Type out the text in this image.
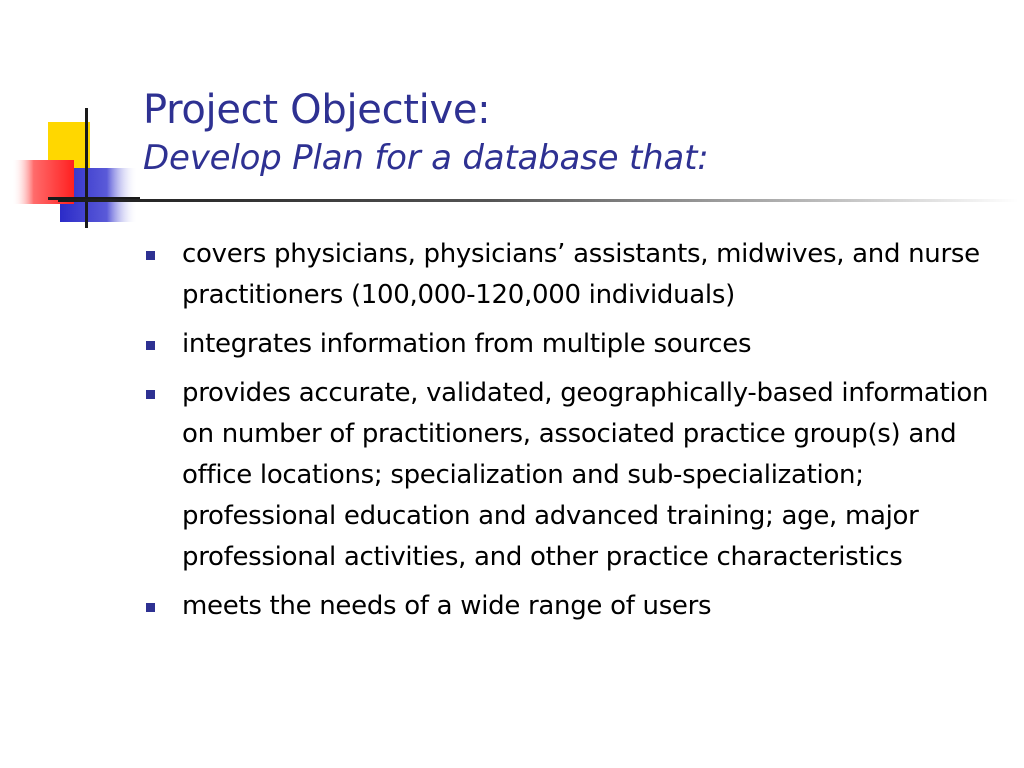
Project Objective:
Develop Plan for a database that:
covers physicians, physicians’ assistants, midwives, and nurse practitioners (100,000-120,000 individuals)
integrates information from multiple sources
provides accurate, validated, geographically-based information on number of practitioners, associated practice group(s) and office locations; specialization and sub-specialization; professional education and advanced training; age, major professional activities, and other practice characteristics
meets the needs of a wide range of users
